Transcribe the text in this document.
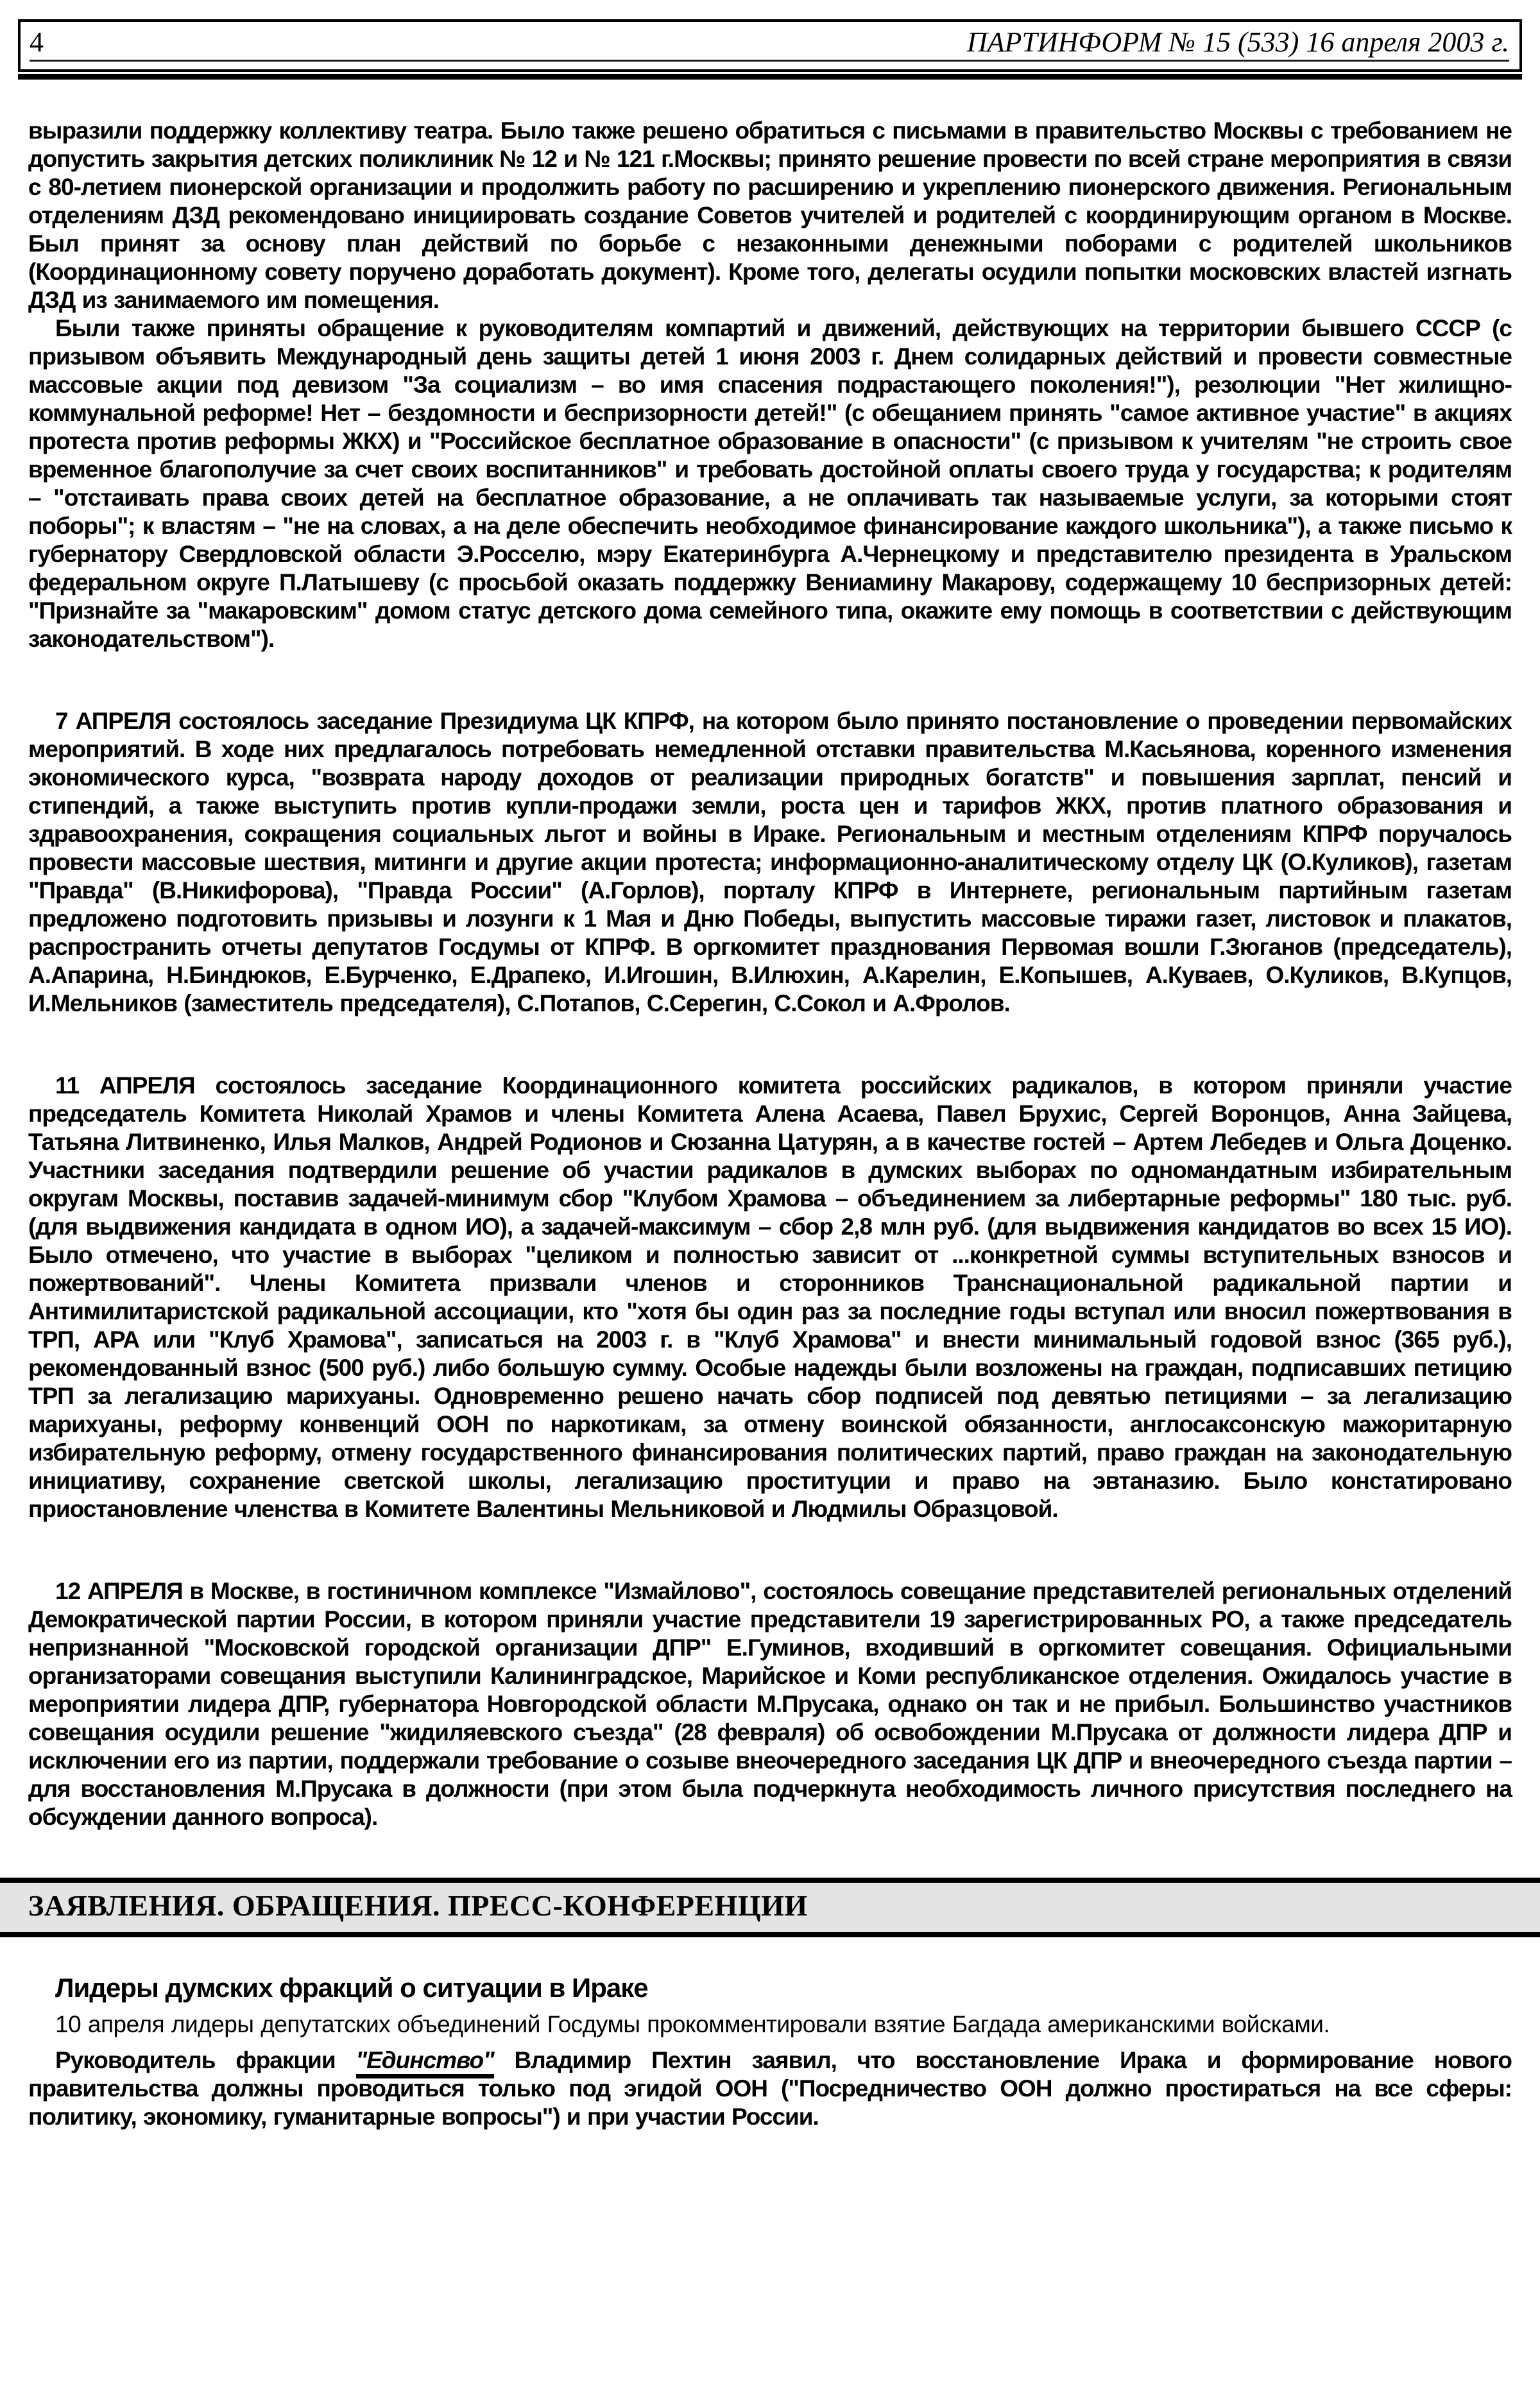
4	ПАРТИНФОРМ № 15 (533) 16 апреля 2003 г.

выразили поддержку коллективу театра. Было также решено обратиться с письмами в правительство Москвы с требованием не допустить закрытия детских поликлиник № 12 и № 121 г.Москвы; принято решение провести по всей стране мероприятия в связи с 80-летием пионерской организации и продолжить работу по расширению и укреплению пионерского движения. Региональным отделениям ДЗД рекомендовано инициировать создание Советов учителей и родителей с координирующим органом в Москве. Был принят за основу план действий по борьбе с незаконными денежными поборами с родителей школьников (Координационному совету поручено доработать документ). Кроме того, делегаты осудили попытки московских властей изгнать ДЗД из занимаемого им помещения.

Были также приняты обращение к руководителям компартий и движений, действующих на территории бывшего СССР (с призывом объявить Международный день защиты детей 1 июня 2003 г. Днем солидарных действий и провести совместные массовые акции под девизом "За социализм – во имя спасения подрастающего поколения!"), резолюции "Нет жилищно-коммунальной реформе! Нет – бездомности и беспризорности детей!" (с обещанием принять "самое активное участие" в акциях протеста против реформы ЖКХ) и "Российское бесплатное образование в опасности" (с призывом к учителям "не строить свое временное благополучие за счет своих воспитанников" и требовать достойной оплаты своего труда у государства; к родителям – "отстаивать права своих детей на бесплатное образование, а не оплачивать так называемые услуги, за которыми стоят поборы"; к властям – "не на словах, а на деле обеспечить необходимое финансирование каждого школьника"), а также письмо к губернатору Свердловской области Э.Росселю, мэру Екатеринбурга А.Чернецкому и представителю президента в Уральском федеральном округе П.Латышеву (с просьбой оказать поддержку Вениамину Макарову, содержащему 10 беспризорных детей: "Признайте за "макаровским" домом статус детского дома семейного типа, окажите ему помощь в соответствии с действующим законодательством").

7 АПРЕЛЯ состоялось заседание Президиума ЦК КПРФ, на котором было принято постановление о проведении первомайских мероприятий. В ходе них предлагалось потребовать немедленной отставки правительства М.Касьянова, коренного изменения экономического курса, "возврата народу доходов от реализации природных богатств" и повышения зарплат, пенсий и стипендий, а также выступить против купли-продажи земли, роста цен и тарифов ЖКХ, против платного образования и здравоохранения, сокращения социальных льгот и войны в Ираке. Региональным и местным отделениям КПРФ поручалось провести массовые шествия, митинги и другие акции протеста; информационно-аналитическому отделу ЦК (О.Куликов), газетам "Правда" (В.Никифорова), "Правда России" (А.Горлов), порталу КПРФ в Интернете, региональным партийным газетам предложено подготовить призывы и лозунги к 1 Мая и Дню Победы, выпустить массовые тиражи газет, листовок и плакатов, распространить отчеты депутатов Госдумы от КПРФ. В оргкомитет празднования Первомая вошли Г.Зюганов (председатель), А.Апарина, Н.Биндюков, Е.Бурченко, Е.Драпеко, И.Игошин, В.Илюхин, А.Карелин, Е.Копышев, А.Куваев, О.Куликов, В.Купцов, И.Мельников (заместитель председателя), С.Потапов, С.Серегин, С.Сокол и А.Фролов.

11 АПРЕЛЯ состоялось заседание Координационного комитета российских радикалов, в котором приняли участие председатель Комитета Николай Храмов и члены Комитета Алена Асаева, Павел Брухис, Сергей Воронцов, Анна Зайцева, Татьяна Литвиненко, Илья Малков, Андрей Родионов и Сюзанна Цатурян, а в качестве гостей – Артем Лебедев и Ольга Доценко. Участники заседания подтвердили решение об участии радикалов в думских выборах по одномандатным избирательным округам Москвы, поставив задачей-минимум сбор "Клубом Храмова – объединением за либертарные реформы" 180 тыс. руб. (для выдвижения кандидата в одном ИО), а задачей-максимум – сбор 2,8 млн руб. (для выдвижения кандидатов во всех 15 ИО). Было отмечено, что участие в выборах "целиком и полностью зависит от ...конкретной суммы вступительных взносов и пожертвований". Члены Комитета призвали членов и сторонников Транснациональной радикальной партии и Антимилитаристской радикальной ассоциации, кто "хотя бы один раз за последние годы вступал или вносил пожертвования в ТРП, АРА или "Клуб Храмова", записаться на 2003 г. в "Клуб Храмова" и внести минимальный годовой взнос (365 руб.), рекомендованный взнос (500 руб.) либо большую сумму. Особые надежды были возложены на граждан, подписавших петицию ТРП за легализацию марихуаны. Одновременно решено начать сбор подписей под девятью петициями – за легализацию марихуаны, реформу конвенций ООН по наркотикам, за отмену воинской обязанности, англосаксонскую мажоритарную избирательную реформу, отмену государственного финансирования политических партий, право граждан на законодательную инициативу, сохранение светской школы, легализацию проституции и право на эвтаназию. Было констатировано приостановление членства в Комитете Валентины Мельниковой и Людмилы Образцовой.

12 АПРЕЛЯ в Москве, в гостиничном комплексе "Измайлово", состоялось совещание представителей региональных отделений Демократической партии России, в котором приняли участие представители 19 зарегистрированных РО, а также председатель непризнанной "Московской городской организации ДПР" Е.Гуминов, входивший в оргкомитет совещания. Официальными организаторами совещания выступили Калининградское, Марийское и Коми республиканское отделения. Ожидалось участие в мероприятии лидера ДПР, губернатора Новгородской области М.Прусака, однако он так и не прибыл. Большинство участников совещания осудили решение "жидиляевского съезда" (28 февраля) об освобождении М.Прусака от должности лидера ДПР и исключении его из партии, поддержали требование о созыве внеочередного заседания ЦК ДПР и внеочередного съезда партии – для восстановления М.Прусака в должности (при этом была подчеркнута необходимость личного присутствия последнего на обсуждении данного вопроса).

ЗАЯВЛЕНИЯ. ОБРАЩЕНИЯ. ПРЕСС-КОНФЕРЕНЦИИ
Лидеры думских фракций о ситуации в Ираке

10 апреля лидеры депутатских объединений Госдумы прокомментировали взятие Багдада американскими войсками.

Руководитель фракции "Единство" Владимир Пехтин заявил, что восстановление Ирака и формирование нового правительства должны проводиться только под эгидой ООН ("Посредничество ООН должно простираться на все сферы: политику, экономику, гуманитарные вопросы") и при участии России.
